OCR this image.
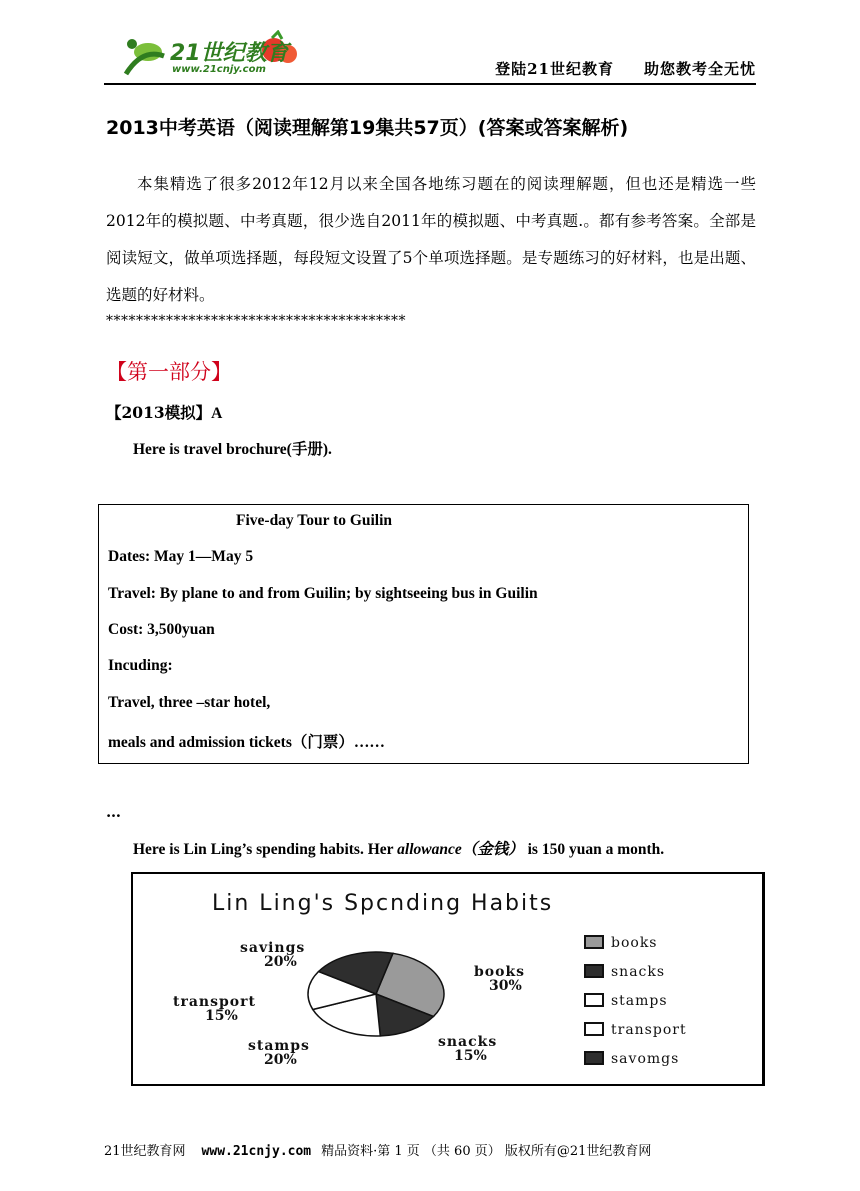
21世纪教育
www.21cnjy.com	登陆21世纪教育 助您教考全无忧
2013中考英语（阅读理解第19集共57页）(答案或答案解析)
本集精选了很多2012年12月以来全国各地练习题在的阅读理解题，但也还是精选一些2012年的模拟题、中考真题，很少选自2011年的模拟题、中考真题.。都有参考答案。全部是阅读短文，做单项选择题，每段短文设置了5个单项选择题。是专题练习的好材料，也是出题、选题的好材料。
****************************************
【第一部分】
【2013模拟】A
Here is travel brochure(手册).
Five-day Tour to Guilin
Dates: May 1—May 5
Travel: By plane to and from Guilin; by sightseeing bus in Guilin
Cost: 3,500yuan
Incuding:
Travel, three –star hotel,
meals and admission tickets（门票）……
…
Here is Lin Ling’s spending habits. Her allowance（金钱） is 150 yuan a month.
Lin Ling's Spcnding Habits
books
30%
snacks
15%
stamps
20%
transport
15%
savings
20%
books
snacks
stamps
transport
savomgs
21世纪教育网 www.21cnjy.com 精品资料·第 1 页 （共 60 页） 版权所有@21世纪教育网
